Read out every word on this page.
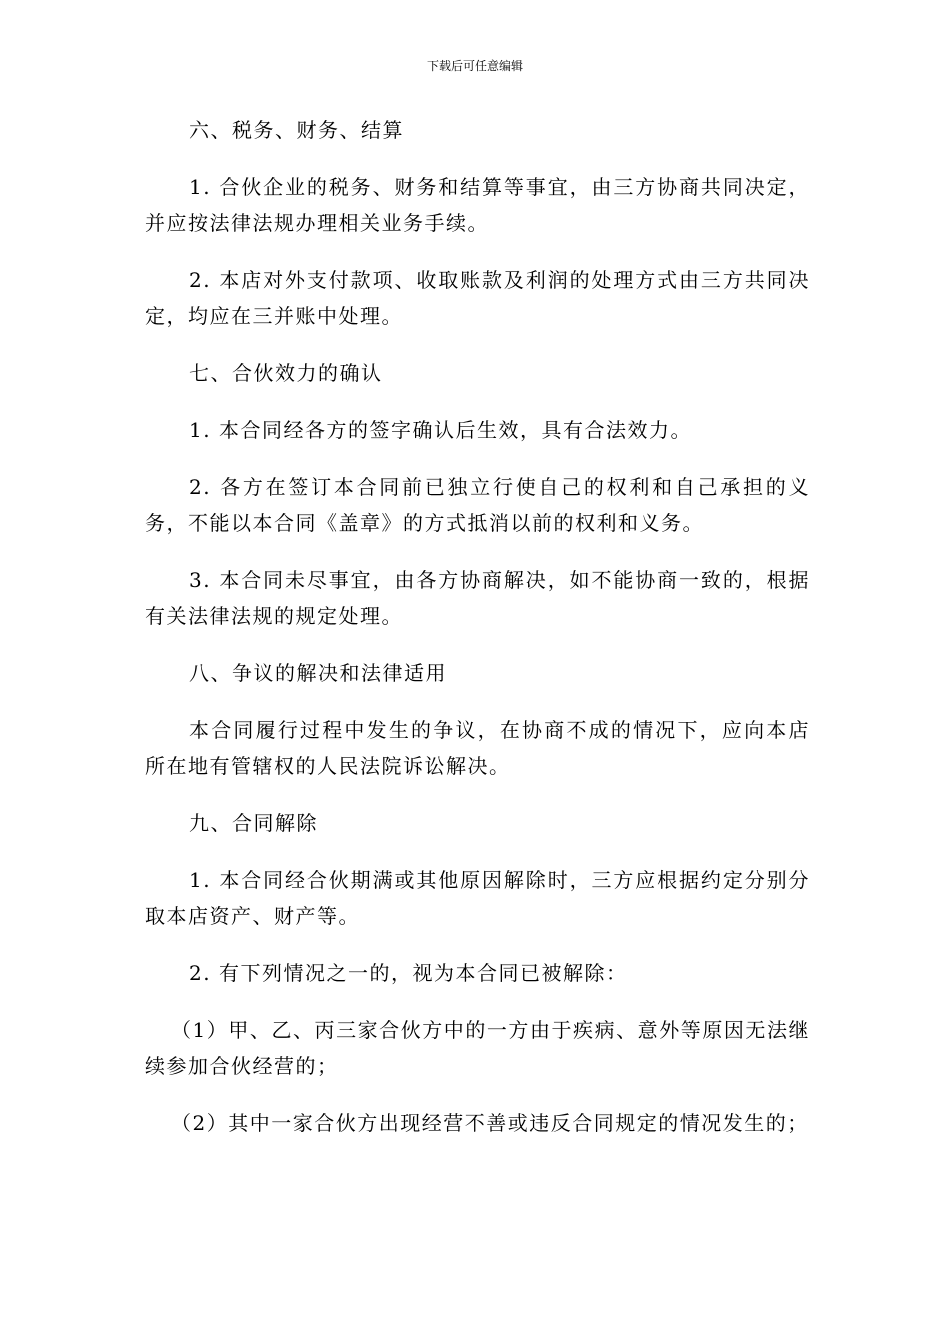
下载后可任意编辑

六、税务、财务、结算

1. 合伙企业的税务、财务和结算等事宜，由三方协商共同决定，并应按法律法规办理相关业务手续。

2. 本店对外支付款项、收取账款及利润的处理方式由三方共同决定，均应在三并账中处理。

七、合伙效力的确认

1. 本合同经各方的签字确认后生效，具有合法效力。

2. 各方在签订本合同前已独立行使自己的权利和自己承担的义务，不能以本合同《盖章》的方式抵消以前的权利和义务。

3. 本合同未尽事宜，由各方协商解决，如不能协商一致的，根据有关法律法规的规定处理。

八、争议的解决和法律适用

本合同履行过程中发生的争议，在协商不成的情况下，应向本店所在地有管辖权的人民法院诉讼解决。

九、合同解除

1. 本合同经合伙期满或其他原因解除时，三方应根据约定分别分取本店资产、财产等。

2. 有下列情况之一的，视为本合同已被解除：

（1）甲、乙、丙三家合伙方中的一方由于疾病、意外等原因无法继续参加合伙经营的；

（2）其中一家合伙方出现经营不善或违反合同规定的情况发生的；
